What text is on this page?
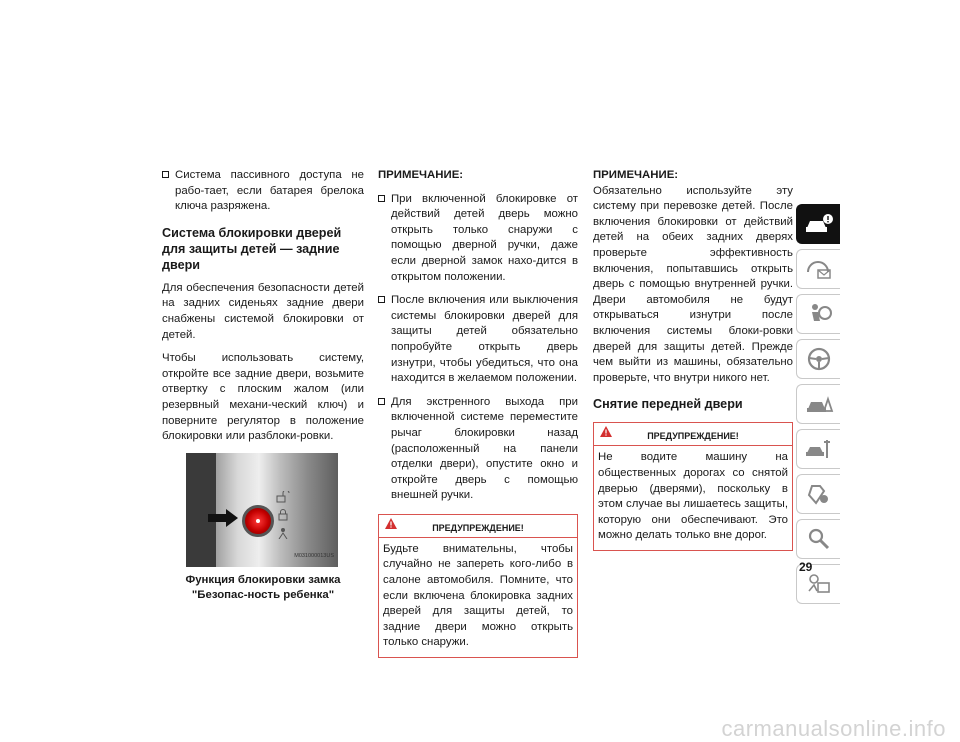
Система пассивного доступа не рабо-тает, если батарея брелока ключа разряжена.
Система блокировки дверей для защиты детей — задние двери

Для обеспечения безопасности детей на задних сиденьях задние двери снабжены системой блокировки от детей.

Чтобы использовать систему, откройте все задние двери, возьмите отвертку с плоским жалом (или резервный механи-ческий ключ) и поверните регулятор в положение блокировки или разблоки-ровки.

M031000013US
Функция блокировки замка "Безопас-ность ребенка"
ПРИМЕЧАНИЕ:
При включенной блокировке от действий детей дверь можно открыть только снаружи с помощью дверной ручки, даже если дверной замок нахо-дится в открытом положении.
После включения или выключения системы блокировки дверей для защиты детей обязательно попробуйте открыть дверь изнутри, чтобы убедиться, что она находится в желаемом положении.
Для экстренного выхода при включенной системе переместите рычаг блокировки назад (расположенный на панели отделки двери), опустите окно и откройте дверь с помощью внешней ручки.
ПРЕДУПРЕЖДЕНИЕ!
Будьте внимательны, чтобы случайно не запереть кого-либо в салоне автомобиля. Помните, что если включена блокировка задних дверей для защиты детей, то задние двери можно открыть только снаружи.
ПРИМЕЧАНИЕ:

Обязательно используйте эту систему при перевозке детей. После включения блокировки от действий детей на обеих задних дверях проверьте эффективность включения, попытавшись открыть дверь с помощью внутренней ручки. Двери автомобиля не будут открываться изнутри после включения системы блоки-ровки дверей для защиты детей. Прежде чем выйти из машины, обязательно проверьте, что внутри никого нет.

Снятие передней двери
ПРЕДУПРЕЖДЕНИЕ!
Не водите машину на общественных дорогах со снятой дверью (дверями), поскольку в этом случае вы лишаетесь защиты, которую они обеспечивают. Это можно делать только вне дорог.
29
carmanualsonline.info
